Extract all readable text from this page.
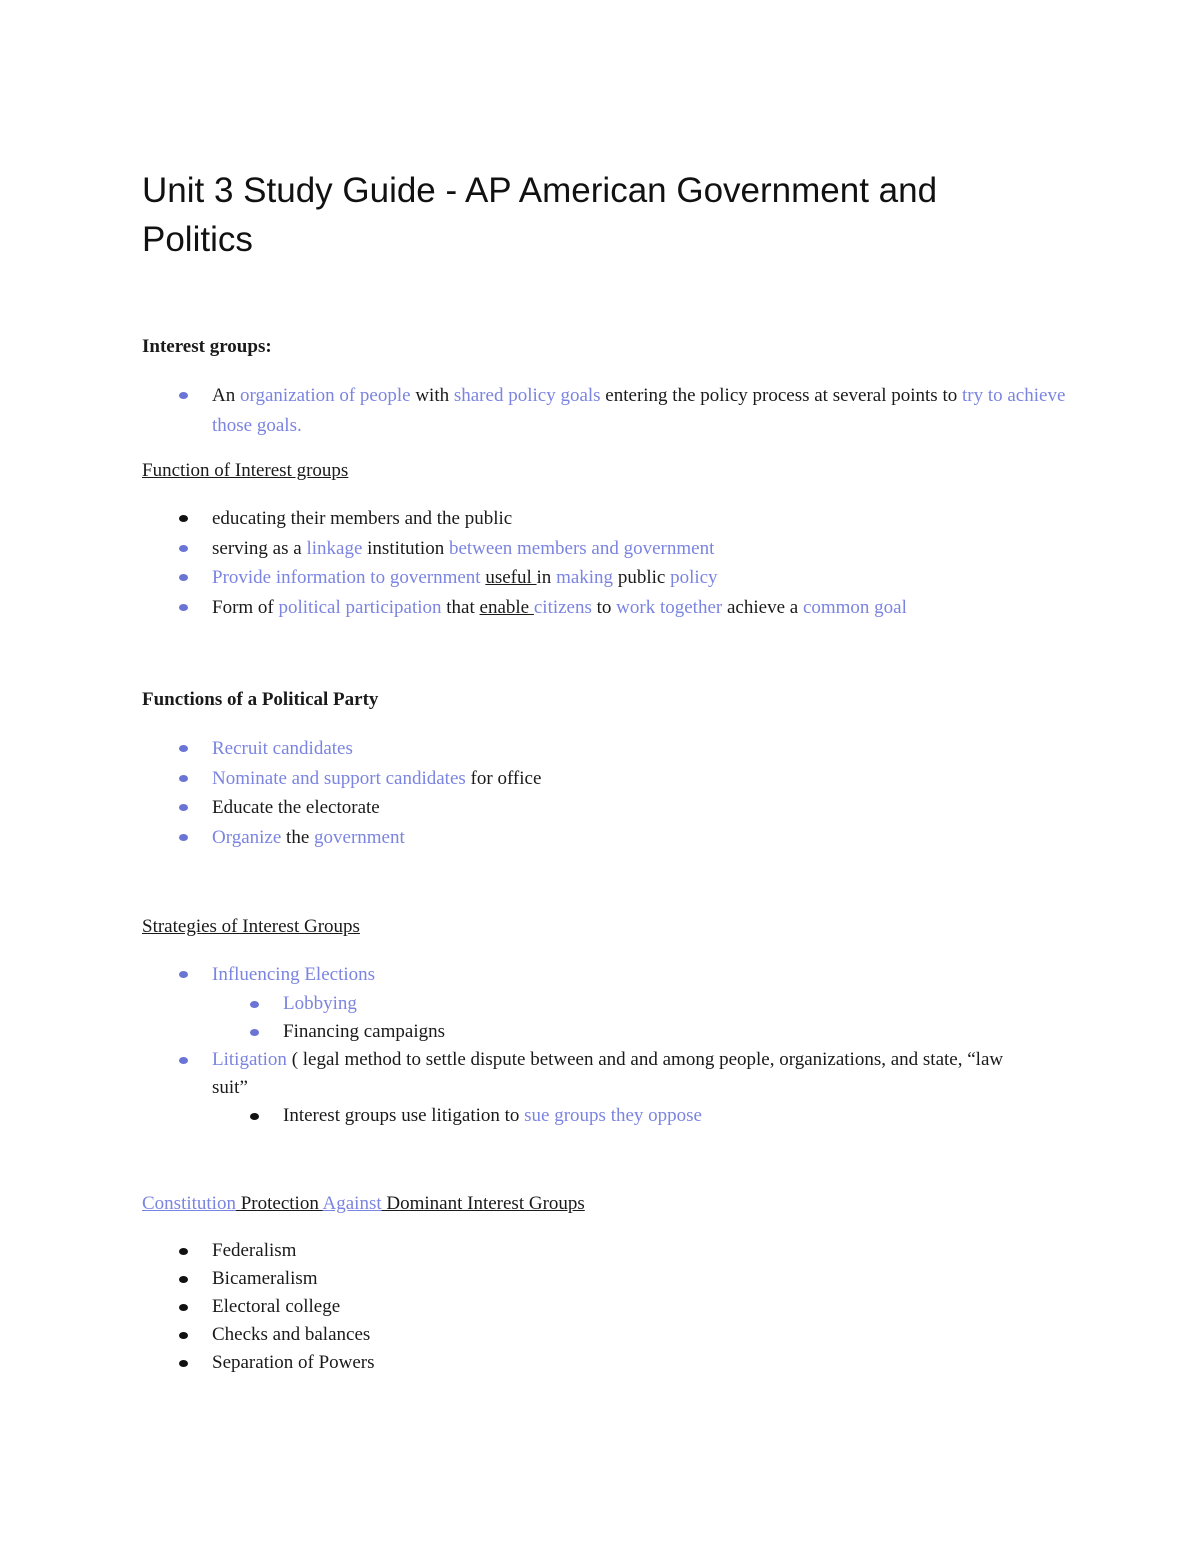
Unit 3 Study Guide - AP American Government and Politics
Interest groups:
An organization of people with shared policy goals entering the policy process at several points to try to achieve those goals.
Function of Interest groups
educating their members and the public
serving as a linkage institution between members and government
Provide information to government useful in making public policy
Form of political participation that enable citizens to work together achieve a common goal
Functions of a Political Party
Recruit candidates
Nominate and support candidates for office
Educate the electorate
Organize the government
Strategies of Interest Groups
Influencing Elections
Lobbying
Financing campaigns
Litigation ( legal method to settle dispute between and and among people, organizations, and state, “law suit”
Interest groups use litigation to sue groups they oppose
Constitution Protection Against Dominant Interest Groups
Federalism
Bicameralism
Electoral college
Checks and balances
Separation of Powers
